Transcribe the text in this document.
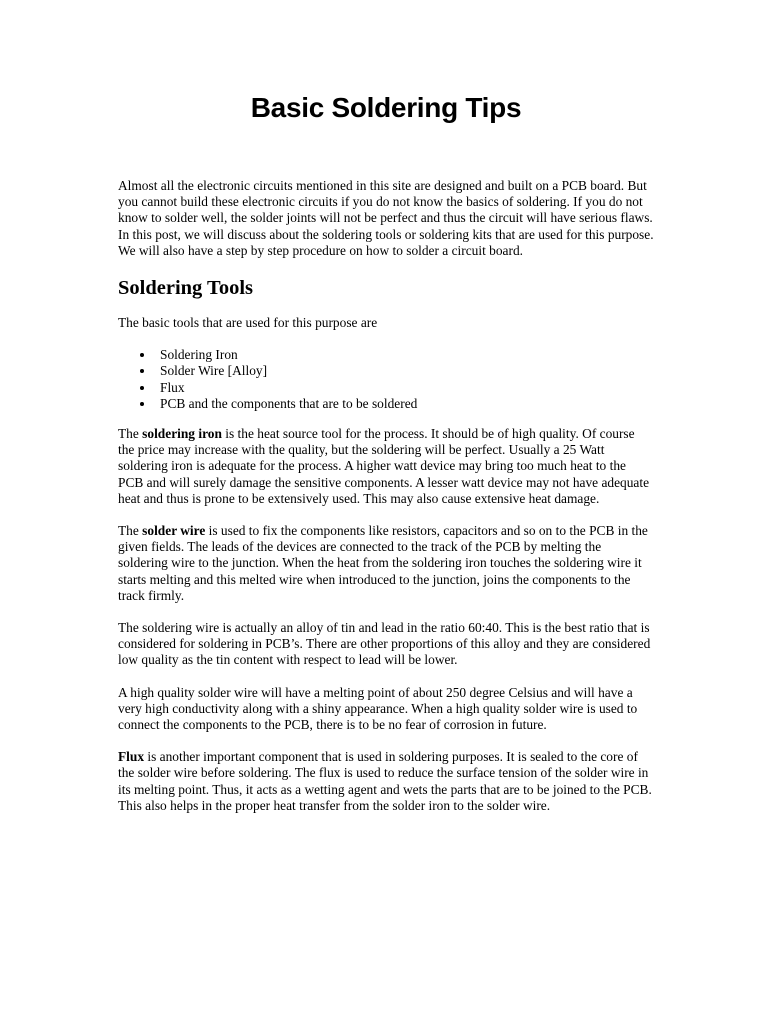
Basic Soldering Tips

Almost all the electronic circuits mentioned in this site are designed and built on a PCB board. But you cannot build these electronic circuits if you do not know the basics of soldering. If you do not know to solder well, the solder joints will not be perfect and thus the circuit will have serious flaws. In this post, we will discuss about the soldering tools or soldering kits that are used for this purpose. We will also have a step by step procedure on how to solder a circuit board.

Soldering Tools

The basic tools that are used for this purpose are

Soldering Iron
Solder Wire [Alloy]
Flux
PCB and the components that are to be soldered

The soldering iron is the heat source tool for the process. It should be of high quality. Of course the price may increase with the quality, but the soldering will be perfect. Usually a 25 Watt soldering iron is adequate for the process. A higher watt device may bring too much heat to the PCB and will surely damage the sensitive components. A lesser watt device may not have adequate heat and thus is prone to be extensively used. This may also cause extensive heat damage.

The solder wire is used to fix the components like resistors, capacitors and so on to the PCB in the given fields. The leads of the devices are connected to the track of the PCB by melting the soldering wire to the junction. When the heat from the soldering iron touches the soldering wire it starts melting and this melted wire when introduced to the junction, joins the components to the track firmly.

The soldering wire is actually an alloy of tin and lead in the ratio 60:40. This is the best ratio that is considered for soldering in PCB’s. There are other proportions of this alloy and they are considered low quality as the tin content with respect to lead will be lower.

A high quality solder wire will have a melting point of about 250 degree Celsius and will have a very high conductivity along with a shiny appearance. When a high quality solder wire is used to connect the components to the PCB, there is to be no fear of corrosion in future.

Flux is another important component that is used in soldering purposes. It is sealed to the core of the solder wire before soldering. The flux is used to reduce the surface tension of the solder wire in its melting point. Thus, it acts as a wetting agent and wets the parts that are to be joined to the PCB. This also helps in the proper heat transfer from the solder iron to the solder wire.
